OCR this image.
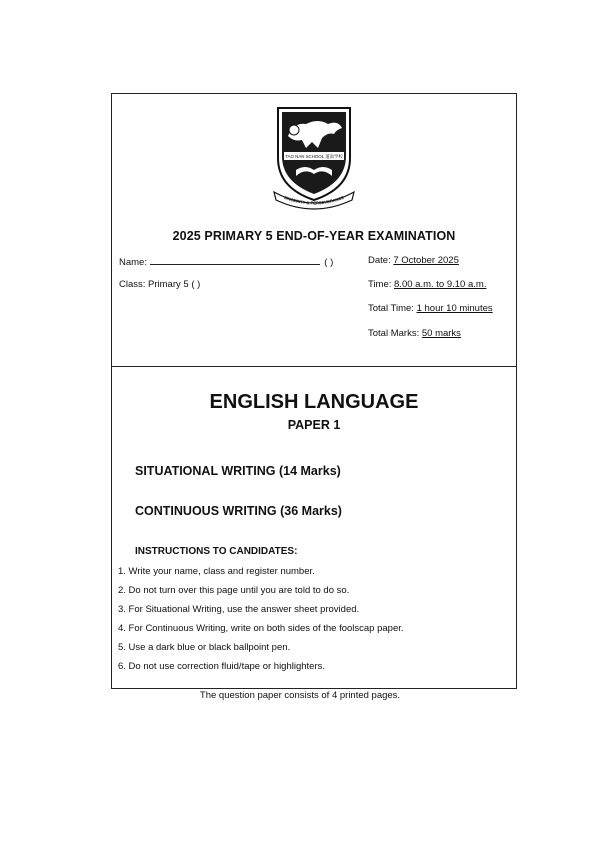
TAO NAN SCHOOL 道南学校
SINCERITY & PERSEVERANCE
2025 PRIMARY 5 END-OF-YEAR EXAMINATION
Name:	( )	Date: 7 October 2025
Class: Primary 5 ( )	Time: 8.00 a.m. to 9.10 a.m.
Total Time: 1 hour 10 minutes
Total Marks: 50 marks
ENGLISH LANGUAGE
PAPER 1
SITUATIONAL WRITING (14 Marks)
CONTINUOUS WRITING (36 Marks)
INSTRUCTIONS TO CANDIDATES:
1. Write your name, class and register number.
2. Do not turn over this page until you are told to do so.
3. For Situational Writing, use the answer sheet provided.
4. For Continuous Writing, write on both sides of the foolscap paper.
5. Use a dark blue or black ballpoint pen.
6. Do not use correction fluid/tape or highlighters.
The question paper consists of 4 printed pages.
